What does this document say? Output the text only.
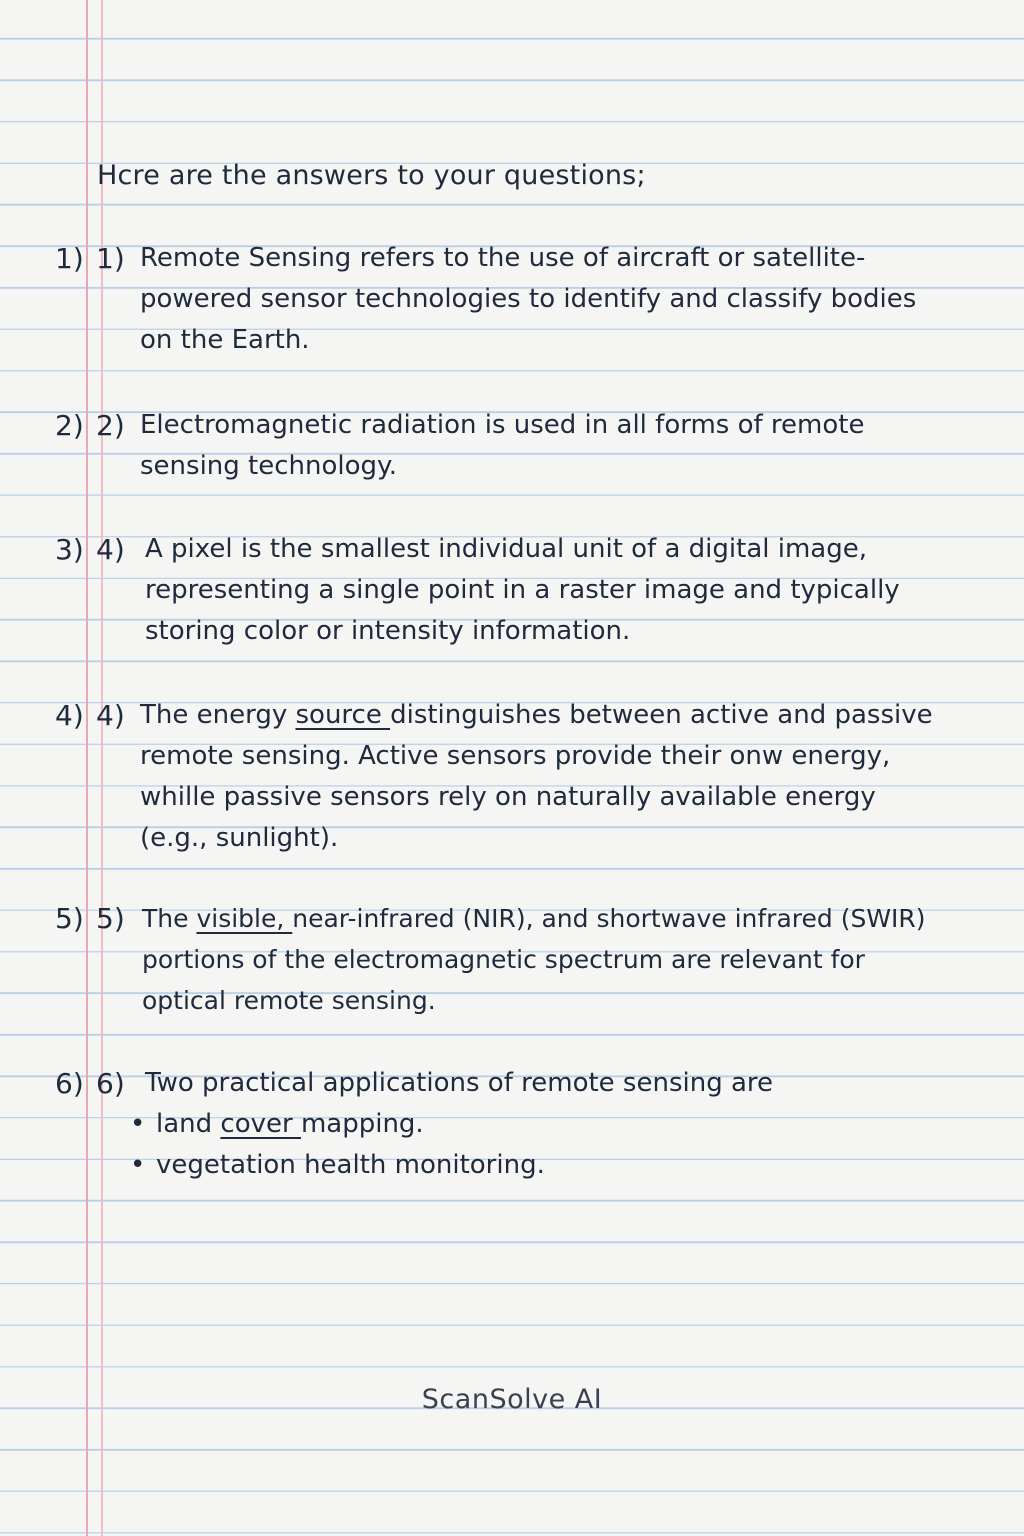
Hcre are the answers to your questions;
1) 1) Remote Sensing refers to the use of aircraft or satellite-
powered sensor technologies to identify and classify bodies
on the Earth.
2) 2) Electromagnetic radiation is used in all forms of remote
sensing technology.
3) 4) A pixel is the smallest individual unit of a digital image,
representing a single point in a raster image and typically
storing color or intensity information.
4) 4) The energy source distinguishes between active and passive
remote sensing. Active sensors provide their onw energy,
whille passive sensors rely on naturally available energy
(e.g., sunlight).
5) 5) The visible, near-infrared (NIR), and shortwave infrared (SWIR)
portions of the electromagnetic spectrum are relevant for
optical remote sensing.
6) 6) Two practical applications of remote sensing are
• land cover mapping.
• vegetation health monitoring.
ScanSolve AI
